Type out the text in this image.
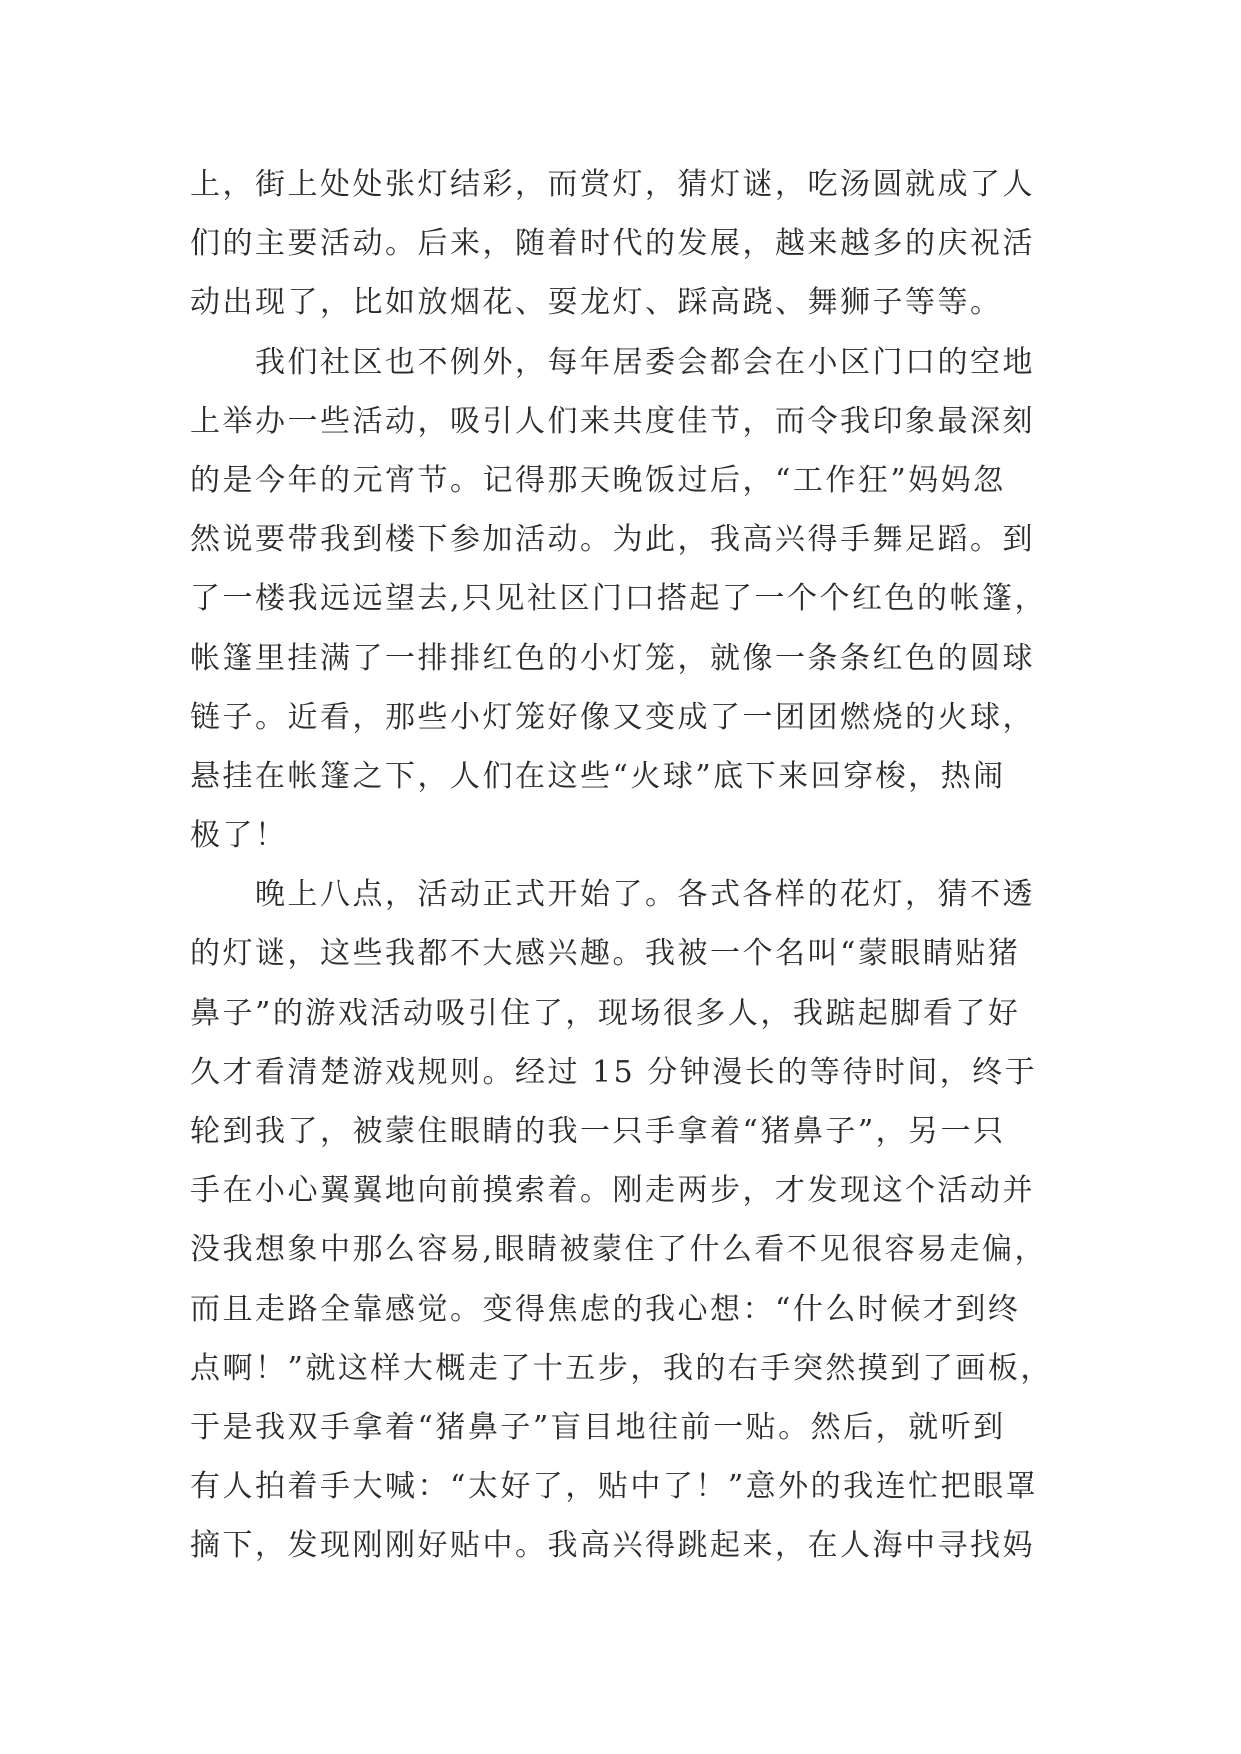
上，街上处处张灯结彩，而赏灯，猜灯谜，吃汤圆就成了人
们的主要活动。后来，随着时代的发展，越来越多的庆祝活
动出现了，比如放烟花、耍龙灯、踩高跷、舞狮子等等。

　　我们社区也不例外，每年居委会都会在小区门口的空地
上举办一些活动，吸引人们来共度佳节，而令我印象最深刻
的是今年的元宵节。记得那天晚饭过后，“工作狂”妈妈忽
然说要带我到楼下参加活动。为此，我高兴得手舞足蹈。到
了一楼我远远望去,只见社区门口搭起了一个个红色的帐篷，
帐篷里挂满了一排排红色的小灯笼，就像一条条红色的圆球
链子。近看，那些小灯笼好像又变成了一团团燃烧的火球，
悬挂在帐篷之下，人们在这些“火球”底下来回穿梭，热闹
极了！

　　晚上八点，活动正式开始了。各式各样的花灯，猜不透
的灯谜，这些我都不大感兴趣。我被一个名叫“蒙眼睛贴猪
鼻子”的游戏活动吸引住了，现场很多人，我踮起脚看了好
久才看清楚游戏规则。经过 15 分钟漫长的等待时间，终于
轮到我了，被蒙住眼睛的我一只手拿着“猪鼻子”，另一只
手在小心翼翼地向前摸索着。刚走两步，才发现这个活动并
没我想象中那么容易,眼睛被蒙住了什么看不见很容易走偏，
而且走路全靠感觉。变得焦虑的我心想：“什么时候才到终
点啊！”就这样大概走了十五步，我的右手突然摸到了画板，
于是我双手拿着“猪鼻子”盲目地往前一贴。然后，就听到
有人拍着手大喊：“太好了，贴中了！”意外的我连忙把眼罩
摘下，发现刚刚好贴中。我高兴得跳起来，在人海中寻找妈
